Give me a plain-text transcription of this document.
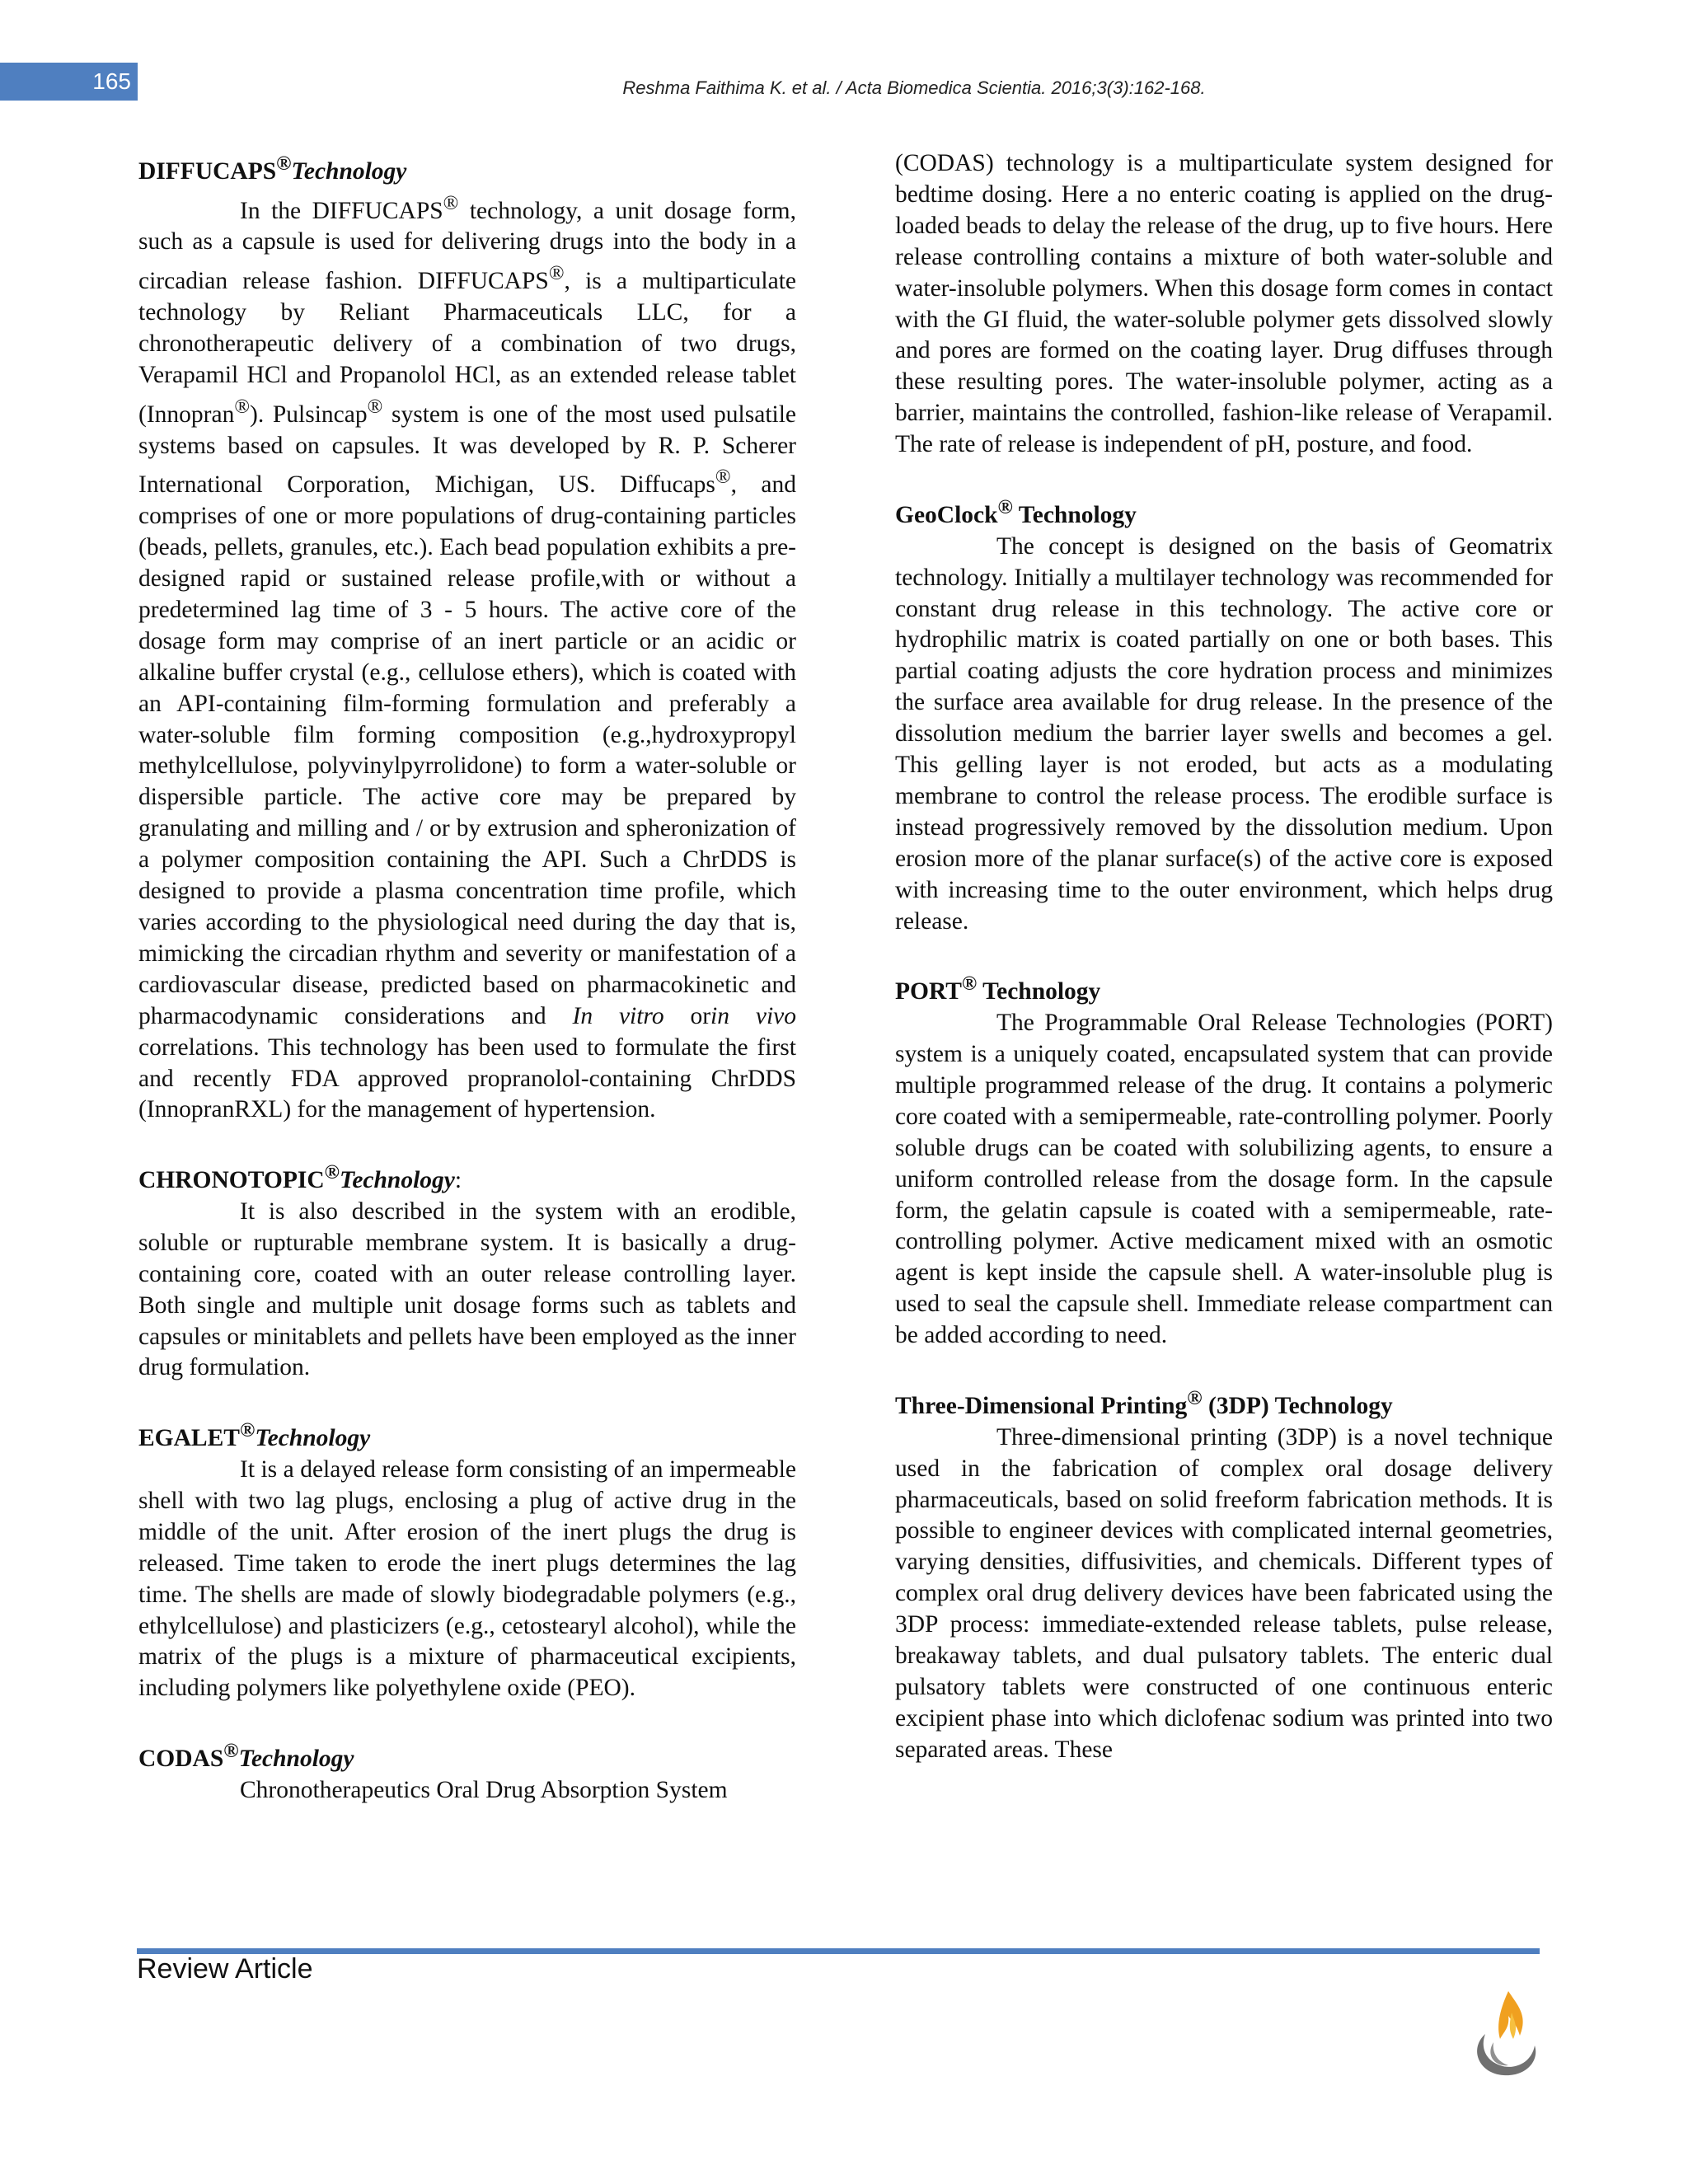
165	Reshma Faithima K. et al. / Acta Biomedica Scientia. 2016;3(3):162-168.
DIFFUCAPS®Technology

In the DIFFUCAPS® technology, a unit dosage form, such as a capsule is used for delivering drugs into the body in a circadian release fashion. DIFFUCAPS®, is a multiparticulate technology by Reliant Pharmaceuticals LLC, for a chronotherapeutic delivery of a combination of two drugs, Verapamil HCl and Propanolol HCl, as an extended release tablet (Innopran®). Pulsincap® system is one of the most used pulsatile systems based on capsules. It was developed by R. P. Scherer International Corporation, Michigan, US. Diffucaps®, and comprises of one or more populations of drug-containing particles (beads, pellets, granules, etc.). Each bead population exhibits a pre-designed rapid or sustained release profile,with or without a predetermined lag time of 3 - 5 hours. The active core of the dosage form may comprise of an inert particle or an acidic or alkaline buffer crystal (e.g., cellulose ethers), which is coated with an API-containing film-forming formulation and preferably a water-soluble film forming composition (e.g.,hydroxypropyl methylcellulose, polyvinylpyrrolidone) to form a water-soluble or dispersible particle. The active core may be prepared by granulating and milling and / or by extrusion and spheronization of a polymer composition containing the API. Such a ChrDDS is designed to provide a plasma concentration time profile, which varies according to the physiological need during the day that is, mimicking the circadian rhythm and severity or manifestation of a cardiovascular disease, predicted based on pharmacokinetic and pharmacodynamic considerations and In vitro orin vivo correlations. This technology has been used to formulate the first and recently FDA approved propranolol-containing ChrDDS (InnopranRXL) for the management of hypertension.

CHRONOTOPIC®Technology:

It is also described in the system with an erodible, soluble or rupturable membrane system. It is basically a drug-containing core, coated with an outer release controlling layer. Both single and multiple unit dosage forms such as tablets and capsules or minitablets and pellets have been employed as the inner drug formulation.

EGALET®Technology

It is a delayed release form consisting of an impermeable shell with two lag plugs, enclosing a plug of active drug in the middle of the unit. After erosion of the inert plugs the drug is released. Time taken to erode the inert plugs determines the lag time. The shells are made of slowly biodegradable polymers (e.g., ethylcellulose) and plasticizers (e.g., cetostearyl alcohol), while the matrix of the plugs is a mixture of pharmaceutical excipients, including polymers like polyethylene oxide (PEO).

CODAS®Technology

Chronotherapeutics Oral Drug Absorption System

(CODAS) technology is a multiparticulate system designed for bedtime dosing. Here a no enteric coating is applied on the drug-loaded beads to delay the release of the drug, up to five hours. Here release controlling contains a mixture of both water-soluble and water-insoluble polymers. When this dosage form comes in contact with the GI fluid, the water-soluble polymer gets dissolved slowly and pores are formed on the coating layer. Drug diffuses through these resulting pores. The water-insoluble polymer, acting as a barrier, maintains the controlled, fashion-like release of Verapamil. The rate of release is independent of pH, posture, and food.

GeoClock® Technology

The concept is designed on the basis of Geomatrix technology. Initially a multilayer technology was recommended for constant drug release in this technology. The active core or hydrophilic matrix is coated partially on one or both bases. This partial coating adjusts the core hydration process and minimizes the surface area available for drug release. In the presence of the dissolution medium the barrier layer swells and becomes a gel. This gelling layer is not eroded, but acts as a modulating membrane to control the release process. The erodible surface is instead progressively removed by the dissolution medium. Upon erosion more of the planar surface(s) of the active core is exposed with increasing time to the outer environment, which helps drug release.

PORT® Technology

The Programmable Oral Release Technologies (PORT) system is a uniquely coated, encapsulated system that can provide multiple programmed release of the drug. It contains a polymeric core coated with a semipermeable, rate-controlling polymer. Poorly soluble drugs can be coated with solubilizing agents, to ensure a uniform controlled release from the dosage form. In the capsule form, the gelatin capsule is coated with a semipermeable, rate-controlling polymer. Active medicament mixed with an osmotic agent is kept inside the capsule shell. A water-insoluble plug is used to seal the capsule shell. Immediate release compartment can be added according to need.

Three-Dimensional Printing® (3DP) Technology

Three-dimensional printing (3DP) is a novel technique used in the fabrication of complex oral dosage delivery pharmaceuticals, based on solid freeform fabrication methods. It is possible to engineer devices with complicated internal geometries, varying densities, diffusivities, and chemicals. Different types of complex oral drug delivery devices have been fabricated using the 3DP process: immediate-extended release tablets, pulse release, breakaway tablets, and dual pulsatory tablets. The enteric dual pulsatory tablets were constructed of one continuous enteric excipient phase into which diclofenac sodium was printed into two separated areas. These

Review Article
